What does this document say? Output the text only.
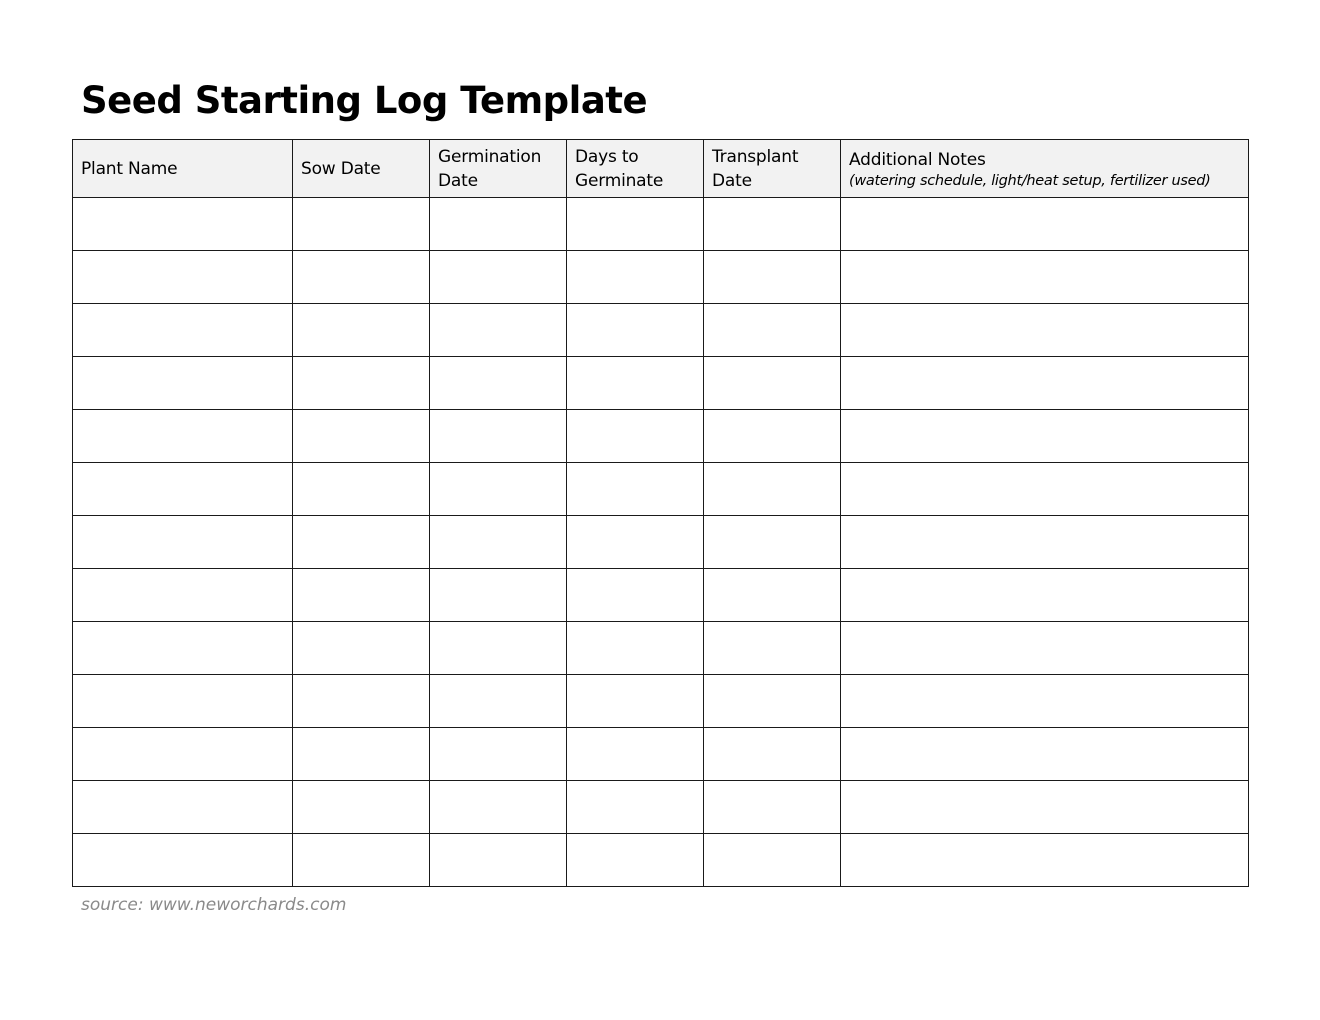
Seed Starting Log Template
Plant Name	Sow Date	Germination Date	Days to Germinate	Transplant Date	Additional Notes
(watering schedule, light/heat setup, fertilizer used)

source: www.neworchards.com
